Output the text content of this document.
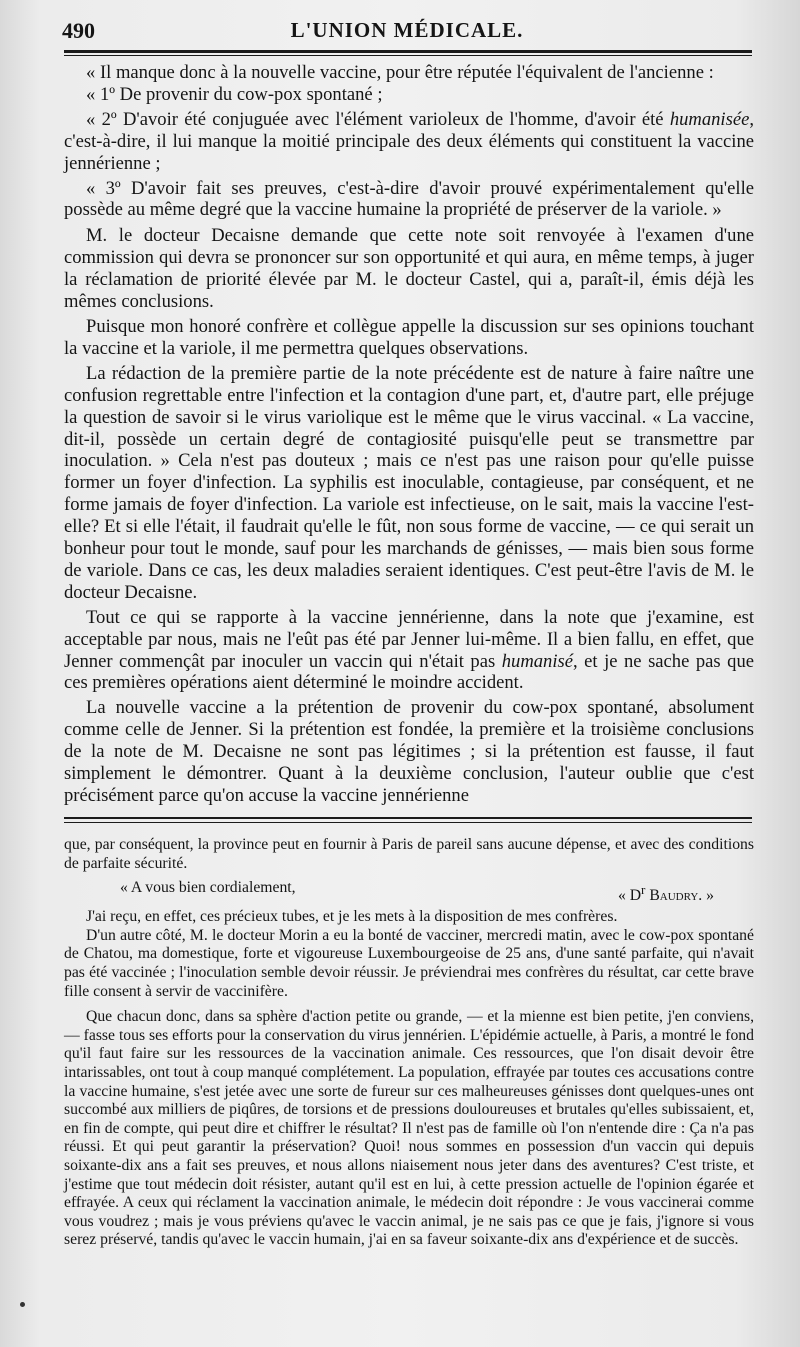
490	L'UNION MÉDICALE.

« Il manque donc à la nouvelle vaccine, pour être réputée l'équivalent de l'ancienne :

« 1º De provenir du cow-pox spontané ;

« 2º D'avoir été conjuguée avec l'élément varioleux de l'homme, d'avoir été humanisée, c'est-à-dire, il lui manque la moitié principale des deux éléments qui constituent la vaccine jennérienne ;

« 3º D'avoir fait ses preuves, c'est-à-dire d'avoir prouvé expérimentalement qu'elle possède au même degré que la vaccine humaine la propriété de préserver de la variole. »

M. le docteur Decaisne demande que cette note soit renvoyée à l'examen d'une commission qui devra se prononcer sur son opportunité et qui aura, en même temps, à juger la réclamation de priorité élevée par M. le docteur Castel, qui a, paraît-il, émis déjà les mêmes conclusions.

Puisque mon honoré confrère et collègue appelle la discussion sur ses opinions touchant la vaccine et la variole, il me permettra quelques observations.

La rédaction de la première partie de la note précédente est de nature à faire naître une confusion regrettable entre l'infection et la contagion d'une part, et, d'autre part, elle préjuge la question de savoir si le virus variolique est le même que le virus vaccinal. « La vaccine, dit-il, possède un certain degré de contagiosité puisqu'elle peut se transmettre par inoculation. » Cela n'est pas douteux ; mais ce n'est pas une raison pour qu'elle puisse former un foyer d'infection. La syphilis est inoculable, contagieuse, par conséquent, et ne forme jamais de foyer d'infection. La variole est infectieuse, on le sait, mais la vaccine l'est-elle? Et si elle l'était, il faudrait qu'elle le fût, non sous forme de vaccine, — ce qui serait un bonheur pour tout le monde, sauf pour les marchands de génisses, — mais bien sous forme de variole. Dans ce cas, les deux maladies seraient identiques. C'est peut-être l'avis de M. le docteur Decaisne.

Tout ce qui se rapporte à la vaccine jennérienne, dans la note que j'examine, est acceptable par nous, mais ne l'eût pas été par Jenner lui-même. Il a bien fallu, en effet, que Jenner commençât par inoculer un vaccin qui n'était pas humanisé, et je ne sache pas que ces premières opérations aient déterminé le moindre accident.

La nouvelle vaccine a la prétention de provenir du cow-pox spontané, absolument comme celle de Jenner. Si la prétention est fondée, la première et la troisième conclusions de la note de M. Decaisne ne sont pas légitimes ; si la prétention est fausse, il faut simplement le démontrer. Quant à la deuxième conclusion, l'auteur oublie que c'est précisément parce qu'on accuse la vaccine jennérienne

que, par conséquent, la province peut en fournir à Paris de pareil sans aucune dépense, et avec des conditions de parfaite sécurité.

« A vous bien cordialement,	« $D^r$ Baudry. »

J'ai reçu, en effet, ces précieux tubes, et je les mets à la disposition de mes confrères.

D'un autre côté, M. le docteur Morin a eu la bonté de vacciner, mercredi matin, avec le cow-pox spontané de Chatou, ma domestique, forte et vigoureuse Luxembourgeoise de 25 ans, d'une santé parfaite, qui n'avait pas été vaccinée ; l'inoculation semble devoir réussir. Je préviendrai mes confrères du résultat, car cette brave fille consent à servir de vaccinifère.

Que chacun donc, dans sa sphère d'action petite ou grande, — et la mienne est bien petite, j'en conviens, — fasse tous ses efforts pour la conservation du virus jennérien. L'épidémie actuelle, à Paris, a montré le fond qu'il faut faire sur les ressources de la vaccination animale. Ces ressources, que l'on disait devoir être intarissables, ont tout à coup manqué complétement. La population, effrayée par toutes ces accusations contre la vaccine humaine, s'est jetée avec une sorte de fureur sur ces malheureuses génisses dont quelques-unes ont succombé aux milliers de piqûres, de torsions et de pressions douloureuses et brutales qu'elles subissaient, et, en fin de compte, qui peut dire et chiffrer le résultat? Il n'est pas de famille où l'on n'entende dire : Ça n'a pas réussi. Et qui peut garantir la préservation? Quoi! nous sommes en possession d'un vaccin qui depuis soixante-dix ans a fait ses preuves, et nous allons niaisement nous jeter dans des aventures? C'est triste, et j'estime que tout médecin doit résister, autant qu'il est en lui, à cette pression actuelle de l'opinion égarée et effrayée. A ceux qui réclament la vaccination animale, le médecin doit répondre : Je vous vaccinerai comme vous voudrez ; mais je vous préviens qu'avec le vaccin animal, je ne sais pas ce que je fais, j'ignore si vous serez préservé, tandis qu'avec le vaccin humain, j'ai en sa faveur soixante-dix ans d'expérience et de succès.
